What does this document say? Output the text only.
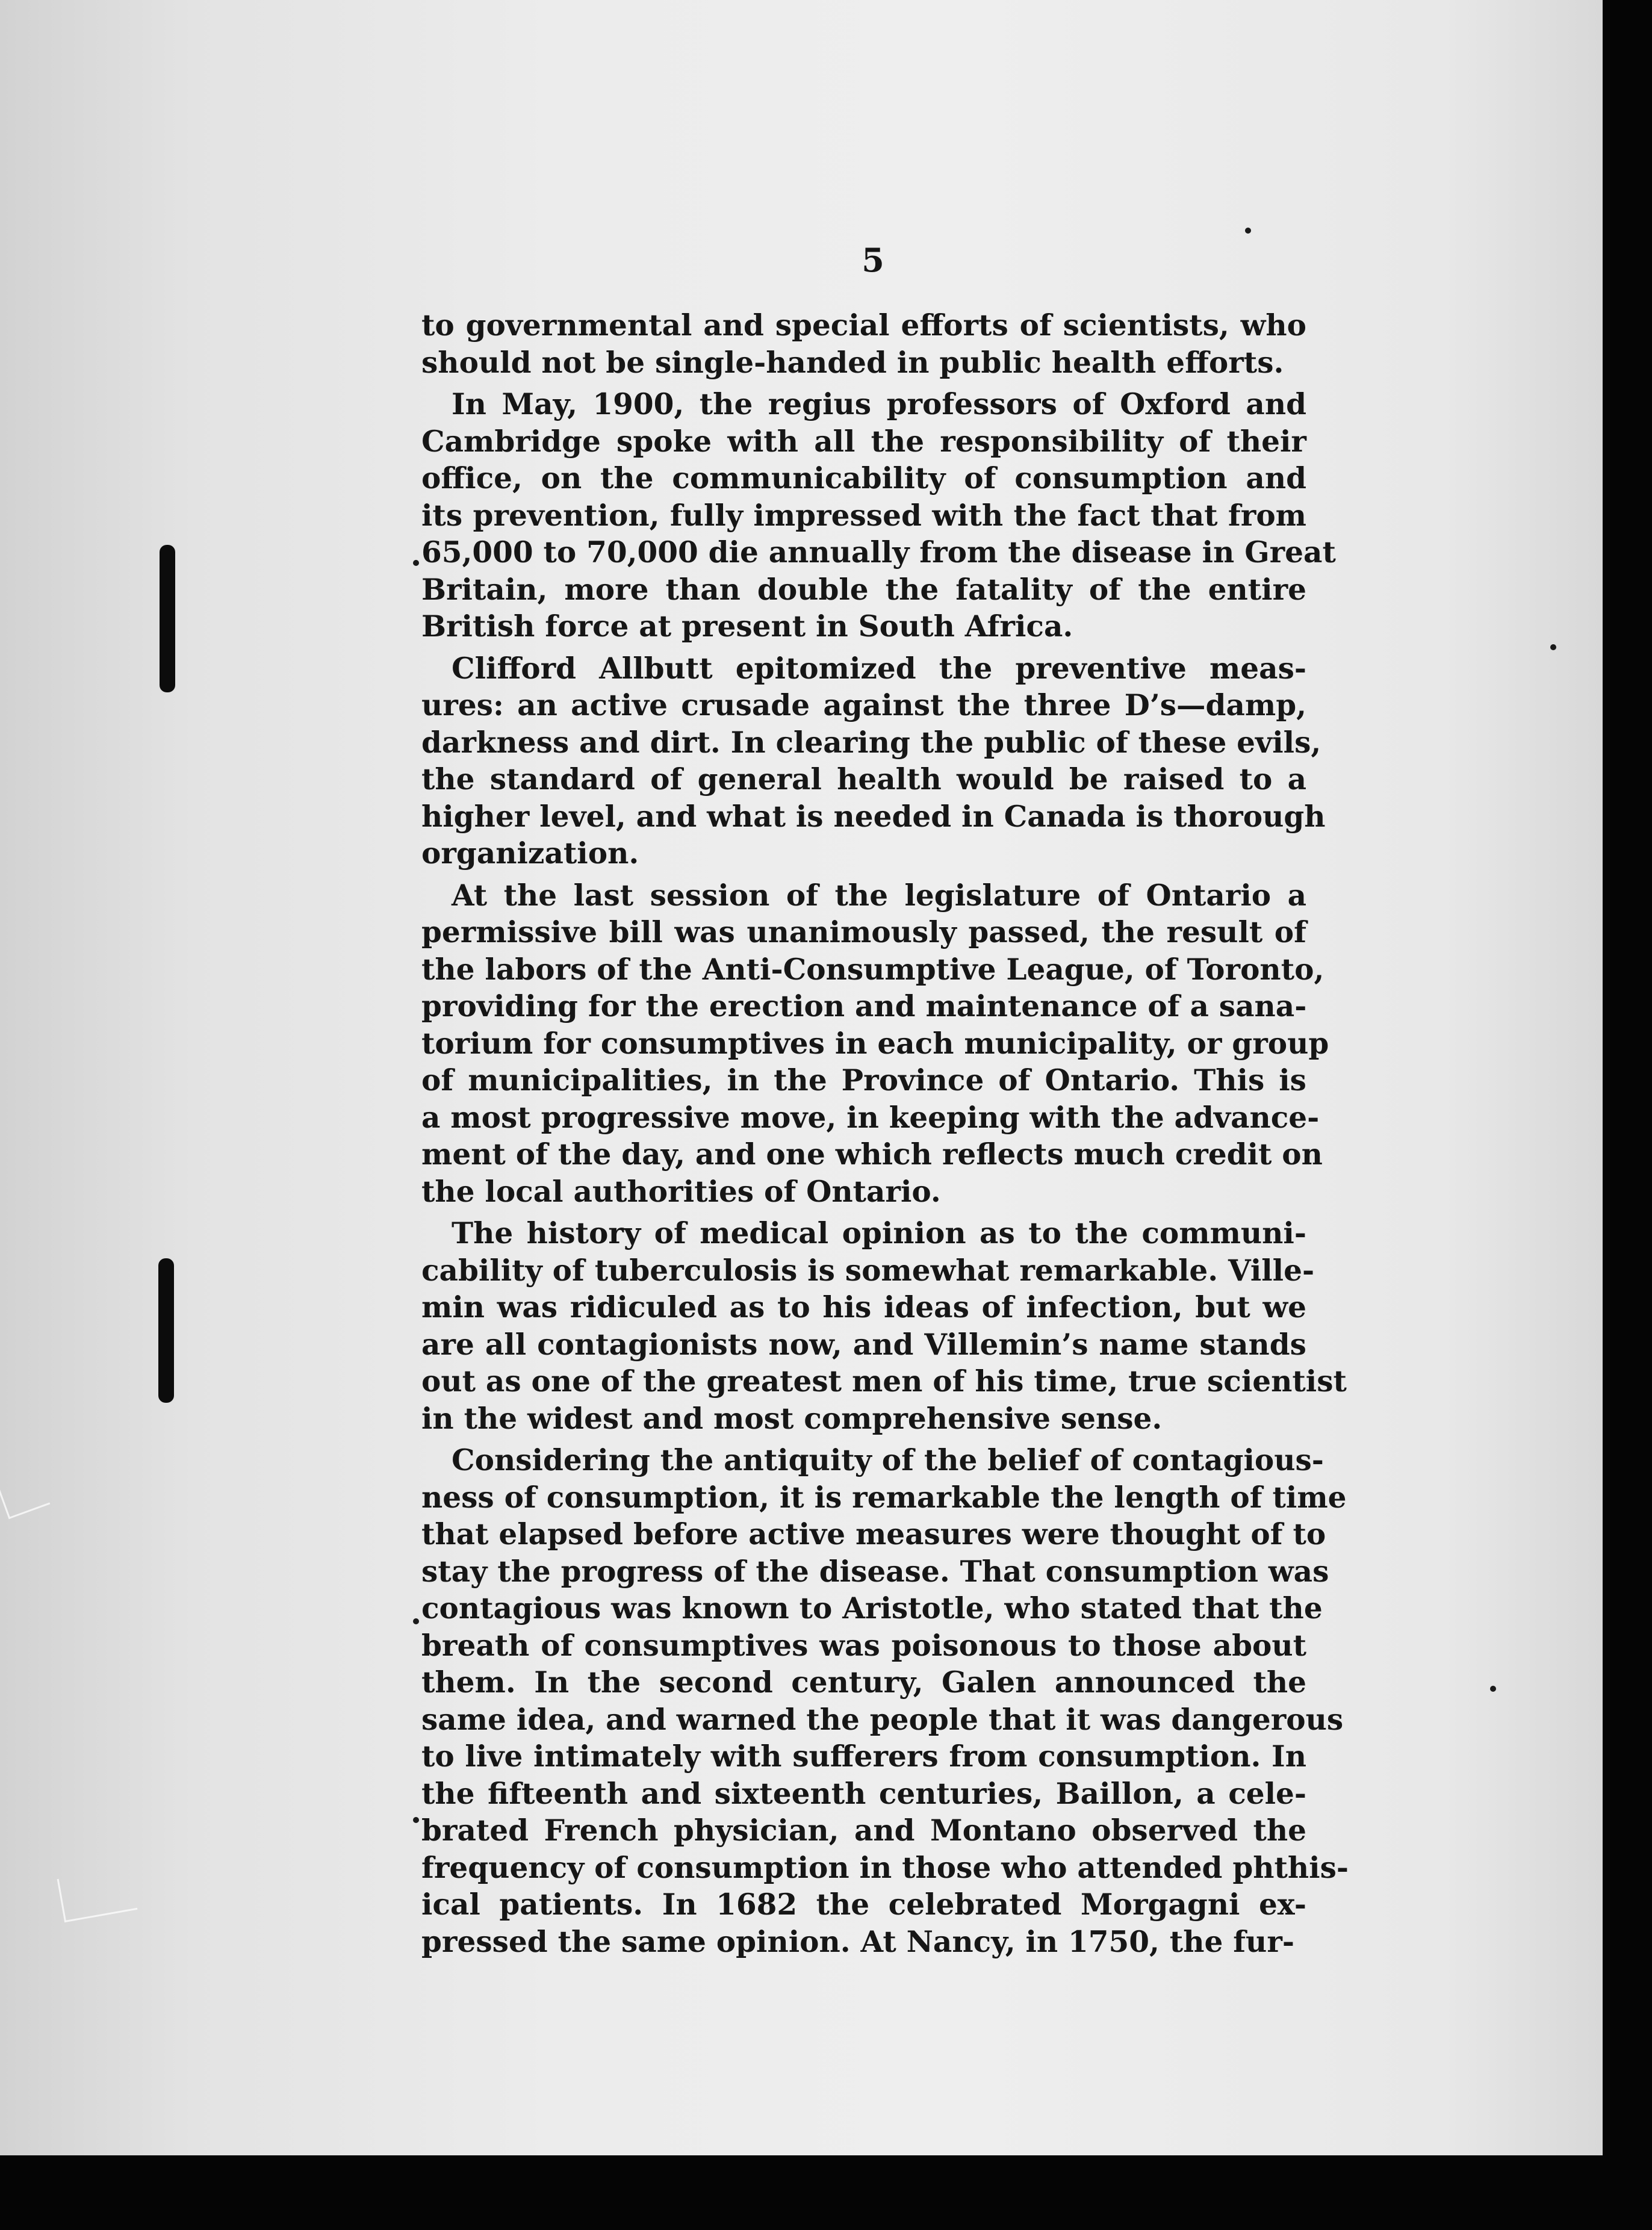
5
to governmental and special efforts of scientists, who
should not be single-handed in public health efforts.
In May, 1900, the regius professors of Oxford and
Cambridge spoke with all the responsibility of their
office, on the communicability of consumption and
its prevention, fully impressed with the fact that from
65,000 to 70,000 die annually from the disease in Great
Britain, more than double the fatality of the entire
British force at present in South Africa.
Clifford Allbutt epitomized the preventive meas-
ures: an active crusade against the three D’s—damp,
darkness and dirt. In clearing the public of these evils,
the standard of general health would be raised to a
higher level, and what is needed in Canada is thorough
organization.
At the last session of the legislature of Ontario a
permissive bill was unanimously passed, the result of
the labors of the Anti-Consumptive League, of Toronto,
providing for the erection and maintenance of a sana-
torium for consumptives in each municipality, or group
of municipalities, in the Province of Ontario. This is
a most progressive move, in keeping with the advance-
ment of the day, and one which reflects much credit on
the local authorities of Ontario.
The history of medical opinion as to the communi-
cability of tuberculosis is somewhat remarkable. Ville-
min was ridiculed as to his ideas of infection, but we
are all contagionists now, and Villemin’s name stands
out as one of the greatest men of his time, true scientist
in the widest and most comprehensive sense.
Considering the antiquity of the belief of contagious-
ness of consumption, it is remarkable the length of time
that elapsed before active measures were thought of to
stay the progress of the disease. That consumption was
contagious was known to Aristotle, who stated that the
breath of consumptives was poisonous to those about
them. In the second century, Galen announced the
same idea, and warned the people that it was dangerous
to live intimately with sufferers from consumption. In
the fifteenth and sixteenth centuries, Baillon, a cele-
brated French physician, and Montano observed the
frequency of consumption in those who attended phthis-
ical patients. In 1682 the celebrated Morgagni ex-
pressed the same opinion. At Nancy, in 1750, the fur-
